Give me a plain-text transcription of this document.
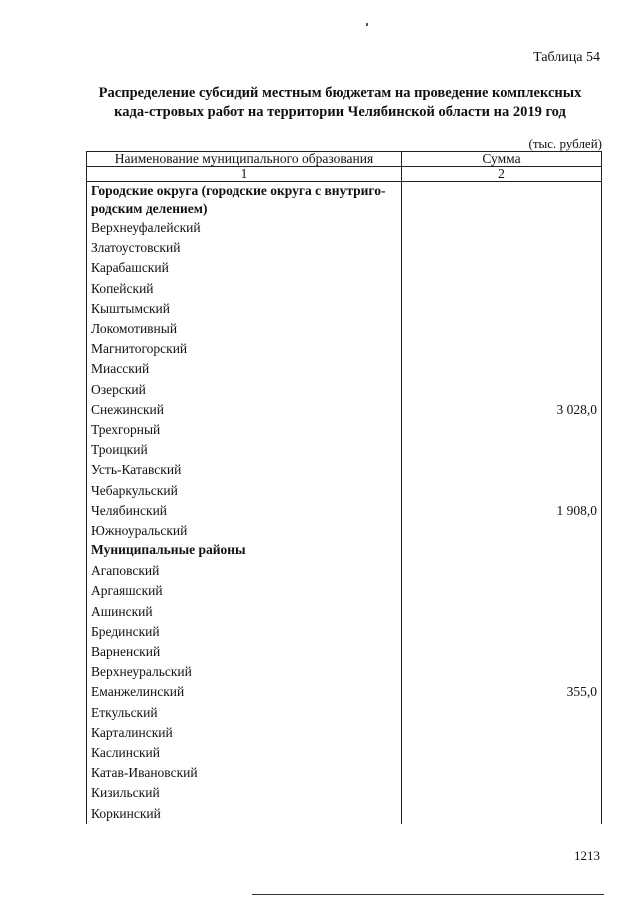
Таблица 54
Распределение субсидий местным бюджетам на проведение комплексных када-стровых работ на территории Челябинской области на 2019 год
(тыс. рублей)
Наименование муниципального образования	Сумма
1	2
Городские округа (городские округа с внутриго-родским делением)	
Верхнеуфалейский	
Златоустовский	
Карабашский	
Копейский	
Кыштымский	
Локомотивный	
Магнитогорский	
Миасский	
Озерский	
Снежинский	3 028,0
Трехгорный	
Троицкий	
Усть-Катавский	
Чебаркульский	
Челябинский	1 908,0
Южноуральский	
Муниципальные районы	
Агаповский	
Аргаяшский	
Ашинский	
Брединский	
Варненский	
Верхнеуральский	
Еманжелинский	355,0
Еткульский	
Карталинский	
Каслинский	
Катав-Ивановский	
Кизильский	
Коркинский	
1213
